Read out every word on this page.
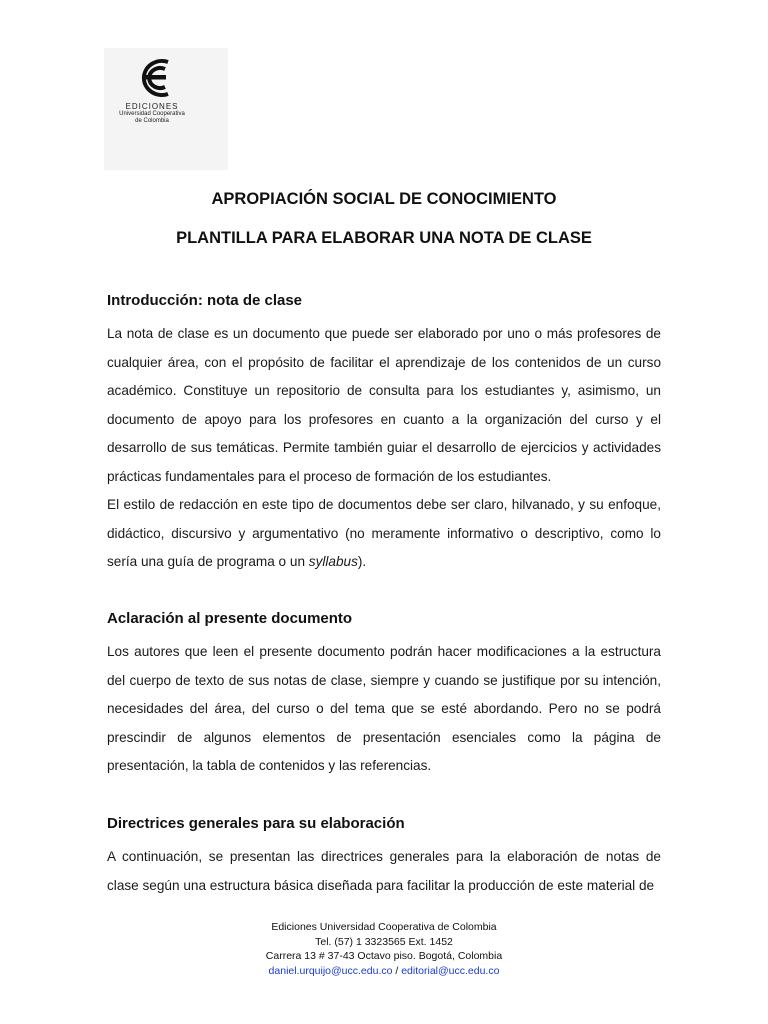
EDICIONES
Universidad Cooperativa
de Colombia
APROPIACIÓN SOCIAL DE CONOCIMIENTO
PLANTILLA PARA ELABORAR UNA NOTA DE CLASE
Introducción: nota de clase

La nota de clase es un documento que puede ser elaborado por uno o más profesores de cualquier área, con el propósito de facilitar el aprendizaje de los contenidos de un curso académico. Constituye un repositorio de consulta para los estudiantes y, asimismo, un documento de apoyo para los profesores en cuanto a la organización del curso y el desarrollo de sus temáticas. Permite también guiar el desarrollo de ejercicios y actividades prácticas fundamentales para el proceso de formación de los estudiantes.

El estilo de redacción en este tipo de documentos debe ser claro, hilvanado, y su enfoque, didáctico, discursivo y argumentativo (no meramente informativo o descriptivo, como lo sería una guía de programa o un syllabus).

Aclaración al presente documento

Los autores que leen el presente documento podrán hacer modificaciones a la estructura del cuerpo de texto de sus notas de clase, siempre y cuando se justifique por su intención, necesidades del área, del curso o del tema que se esté abordando. Pero no se podrá prescindir de algunos elementos de presentación esenciales como la página de presentación, la tabla de contenidos y las referencias.

Directrices generales para su elaboración

A continuación, se presentan las directrices generales para la elaboración de notas de clase según una estructura básica diseñada para facilitar la producción de este material de

Ediciones Universidad Cooperativa de Colombia
Tel. (57) 1 3323565 Ext. 1452
Carrera 13 # 37-43 Octavo piso. Bogotá, Colombia
daniel.urquijo@ucc.edu.co / editorial@ucc.edu.co
